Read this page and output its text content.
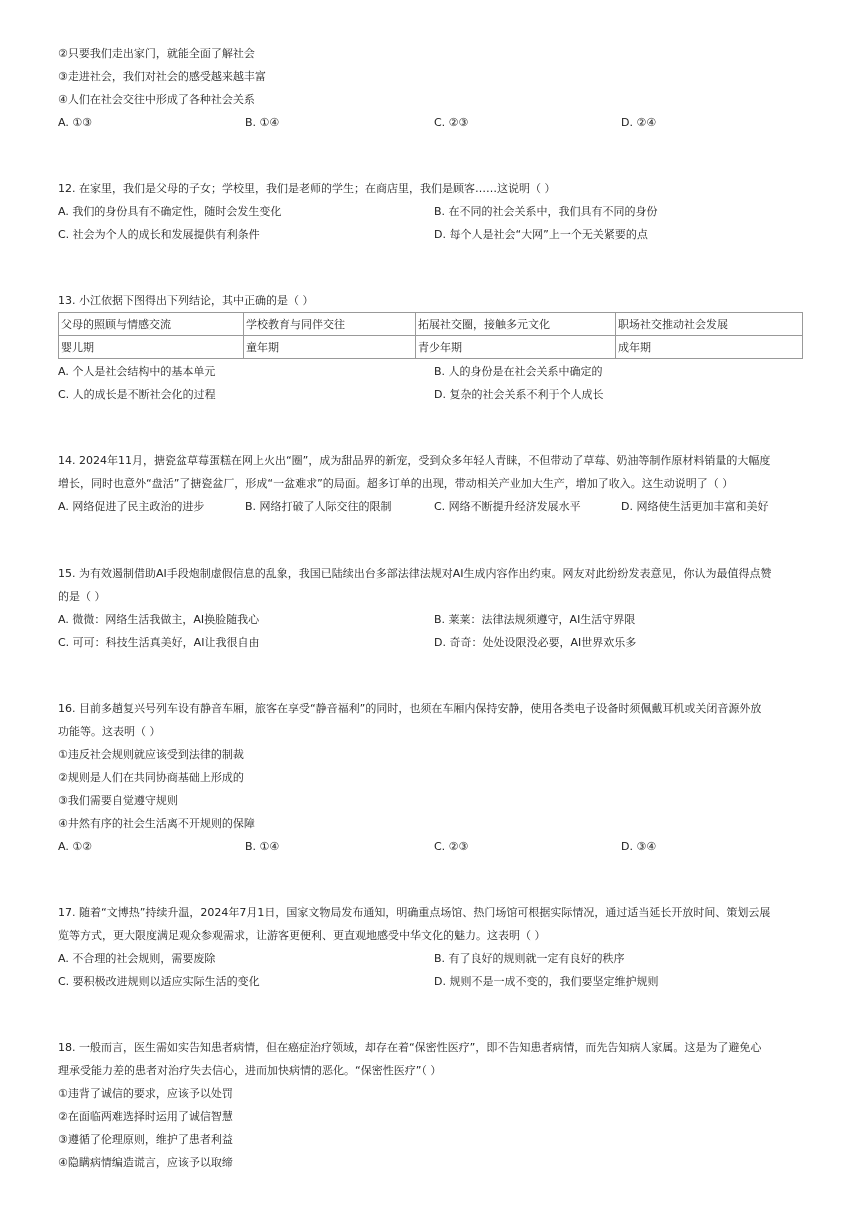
②只要我们走出家门，就能全面了解社会
③走进社会，我们对社会的感受越来越丰富
④人们在社会交往中形成了各种社会关系
A. ①③	B. ①④	C. ②③	D. ②④
12. 在家里，我们是父母的子女；学校里，我们是老师的学生；在商店里，我们是顾客……这说明（ ）
A. 我们的身份具有不确定性，随时会发生变化	B. 在不同的社会关系中，我们具有不同的身份
C. 社会为个人的成长和发展提供有利条件	D. 每个人是社会“大网”上一个无关紧要的点
13. 小江依据下图得出下列结论，其中正确的是（ ）
父母的照顾与情感交流	学校教育与同伴交往	拓展社交圈，接触多元文化	职场社交推动社会发展
婴儿期	童年期	青少年期	成年期
A. 个人是社会结构中的基本单元	B. 人的身份是在社会关系中确定的
C. 人的成长是不断社会化的过程	D. 复杂的社会关系不利于个人成长
14. 2024年11月，搪瓷盆草莓蛋糕在网上火出“圈”，成为甜品界的新宠，受到众多年轻人青睐，不但带动了草莓、奶油等制作原材料销量的大幅度
增长，同时也意外“盘活”了搪瓷盆厂，形成“一盆难求”的局面。超多订单的出现，带动相关产业加大生产，增加了收入。这生动说明了（ ）
A. 网络促进了民主政治的进步	B. 网络打破了人际交往的限制	C. 网络不断提升经济发展水平	D. 网络使生活更加丰富和美好
15. 为有效遏制借助AI手段炮制虚假信息的乱象，我国已陆续出台多部法律法规对AI生成内容作出约束。网友对此纷纷发表意见，你认为最值得点赞
的是（ ）
A. 微微：网络生活我做主，AI换脸随我心	B. 莱莱：法律法规须遵守，AI生活守界限
C. 可可：科技生活真美好，AI让我很自由	D. 奇奇：处处设限没必要，AI世界欢乐多
16. 目前多趟复兴号列车设有静音车厢，旅客在享受“静音福利”的同时，也须在车厢内保持安静，使用各类电子设备时须佩戴耳机或关闭音源外放
功能等。这表明（ ）
①违反社会规则就应该受到法律的制裁
②规则是人们在共同协商基础上形成的
③我们需要自觉遵守规则
④井然有序的社会生活离不开规则的保障
A. ①②	B. ①④	C. ②③	D. ③④
17. 随着“文博热”持续升温，2024年7月1日，国家文物局发布通知，明确重点场馆、热门场馆可根据实际情况，通过适当延长开放时间、策划云展
览等方式，更大限度满足观众参观需求，让游客更便利、更直观地感受中华文化的魅力。这表明（ ）
A. 不合理的社会规则，需要废除	B. 有了良好的规则就一定有良好的秩序
C. 要积极改进规则以适应实际生活的变化	D. 规则不是一成不变的，我们要坚定维护规则
18. 一般而言，医生需如实告知患者病情，但在癌症治疗领域，却存在着“保密性医疗”，即不告知患者病情，而先告知病人家属。这是为了避免心
理承受能力差的患者对治疗失去信心，进而加快病情的恶化。“保密性医疗”（ ）
①违背了诚信的要求，应该予以处罚
②在面临两难选择时运用了诚信智慧
③遵循了伦理原则，维护了患者利益
④隐瞒病情编造谎言，应该予以取缔
